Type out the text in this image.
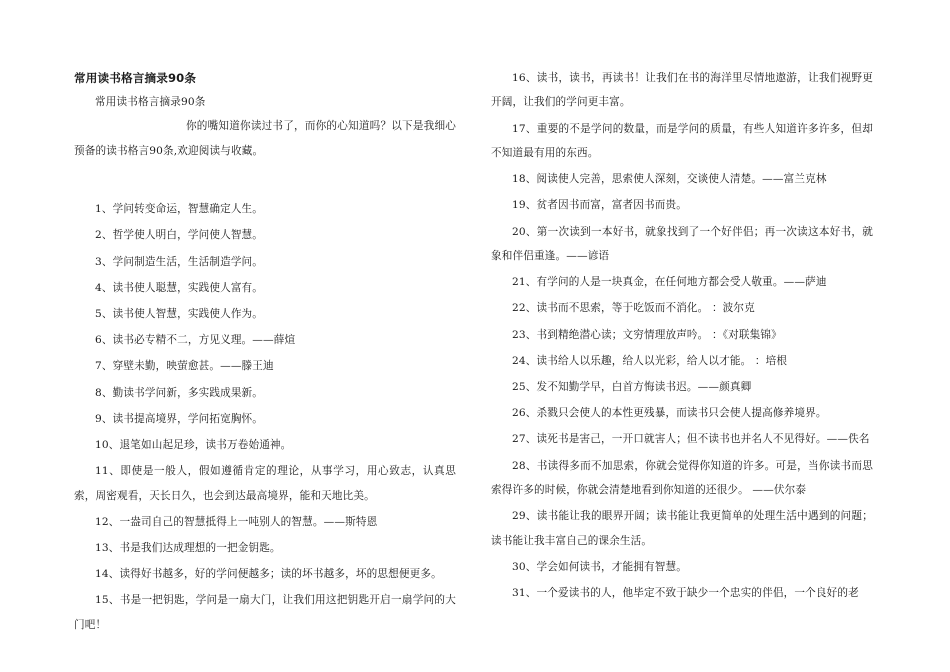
常用读书格言摘录90条

常用读书格言摘录90条

你的嘴知道你读过书了，而你的心知道吗？以下是我细心预备的读书格言90条,欢迎阅读与收藏。

1、学问转变命运，智慧确定人生。

2、哲学使人明白，学问使人智慧。

3、学问制造生活，生活制造学问。

4、读书使人聪慧，实践使人富有。

5、读书使人智慧，实践使人作为。

6、读书必专精不二，方见义理。——薛煊

7、穿壁未勤，映萤愈甚。——滕王迪

8、勤读书学问新，多实践成果新。

9、读书提高境界，学问拓宽胸怀。

10、退笔如山起足珍，读书万卷始通神。

11、即使是一般人，假如遵循肯定的理论，从事学习，用心致志，认真思索，周密观看，天长日久，也会到达最高境界，能和天地比美。

12、一盎司自己的智慧抵得上一吨别人的智慧。——斯特恩

13、书是我们达成理想的一把金钥匙。

14、读得好书越多，好的学问便越多；读的坏书越多，坏的思想便更多。

15、书是一把钥匙，学问是一扇大门，让我们用这把钥匙开启一扇学问的大门吧！

16、读书，读书，再读书！让我们在书的海洋里尽情地遨游，让我们视野更开阔，让我们的学问更丰富。

17、重要的不是学问的数量，而是学问的质量，有些人知道许多许多，但却不知道最有用的东西。

18、阅读使人完善，思索使人深刻，交谈使人清楚。——富兰克林

19、贫者因书而富，富者因书而贵。

20、第一次读到一本好书，就象找到了一个好伴侣；再一次读这本好书，就象和伴侣重逢。——谚语

21、有学问的人是一块真金，在任何地方都会受人敬重。——萨迪

22、读书而不思索，等于吃饭而不消化。 ：波尔克

23、书到精绝潜心读；文穷情理放声吟。 ：《对联集锦》

24、读书给人以乐趣，给人以光彩，给人以才能。 ：培根

25、发不知勤学早，白首方悔读书迟。——颜真卿

26、杀戮只会使人的本性更残暴，而读书只会使人提高修养境界。

27、读死书是害己，一开口就害人；但不读书也并名人不见得好。——佚名

28、书读得多而不加思索，你就会觉得你知道的许多。可是，当你读书而思索得许多的时候，你就会清楚地看到你知道的还很少。 ——伏尔泰

29、读书能让我的眼界开阔；读书能让我更简单的处理生活中遇到的问题；读书能让我丰富自己的课余生活。

30、学会如何读书，才能拥有智慧。

31、一个爱读书的人，他毕定不致于缺少一个忠实的伴侣，一个良好的老
